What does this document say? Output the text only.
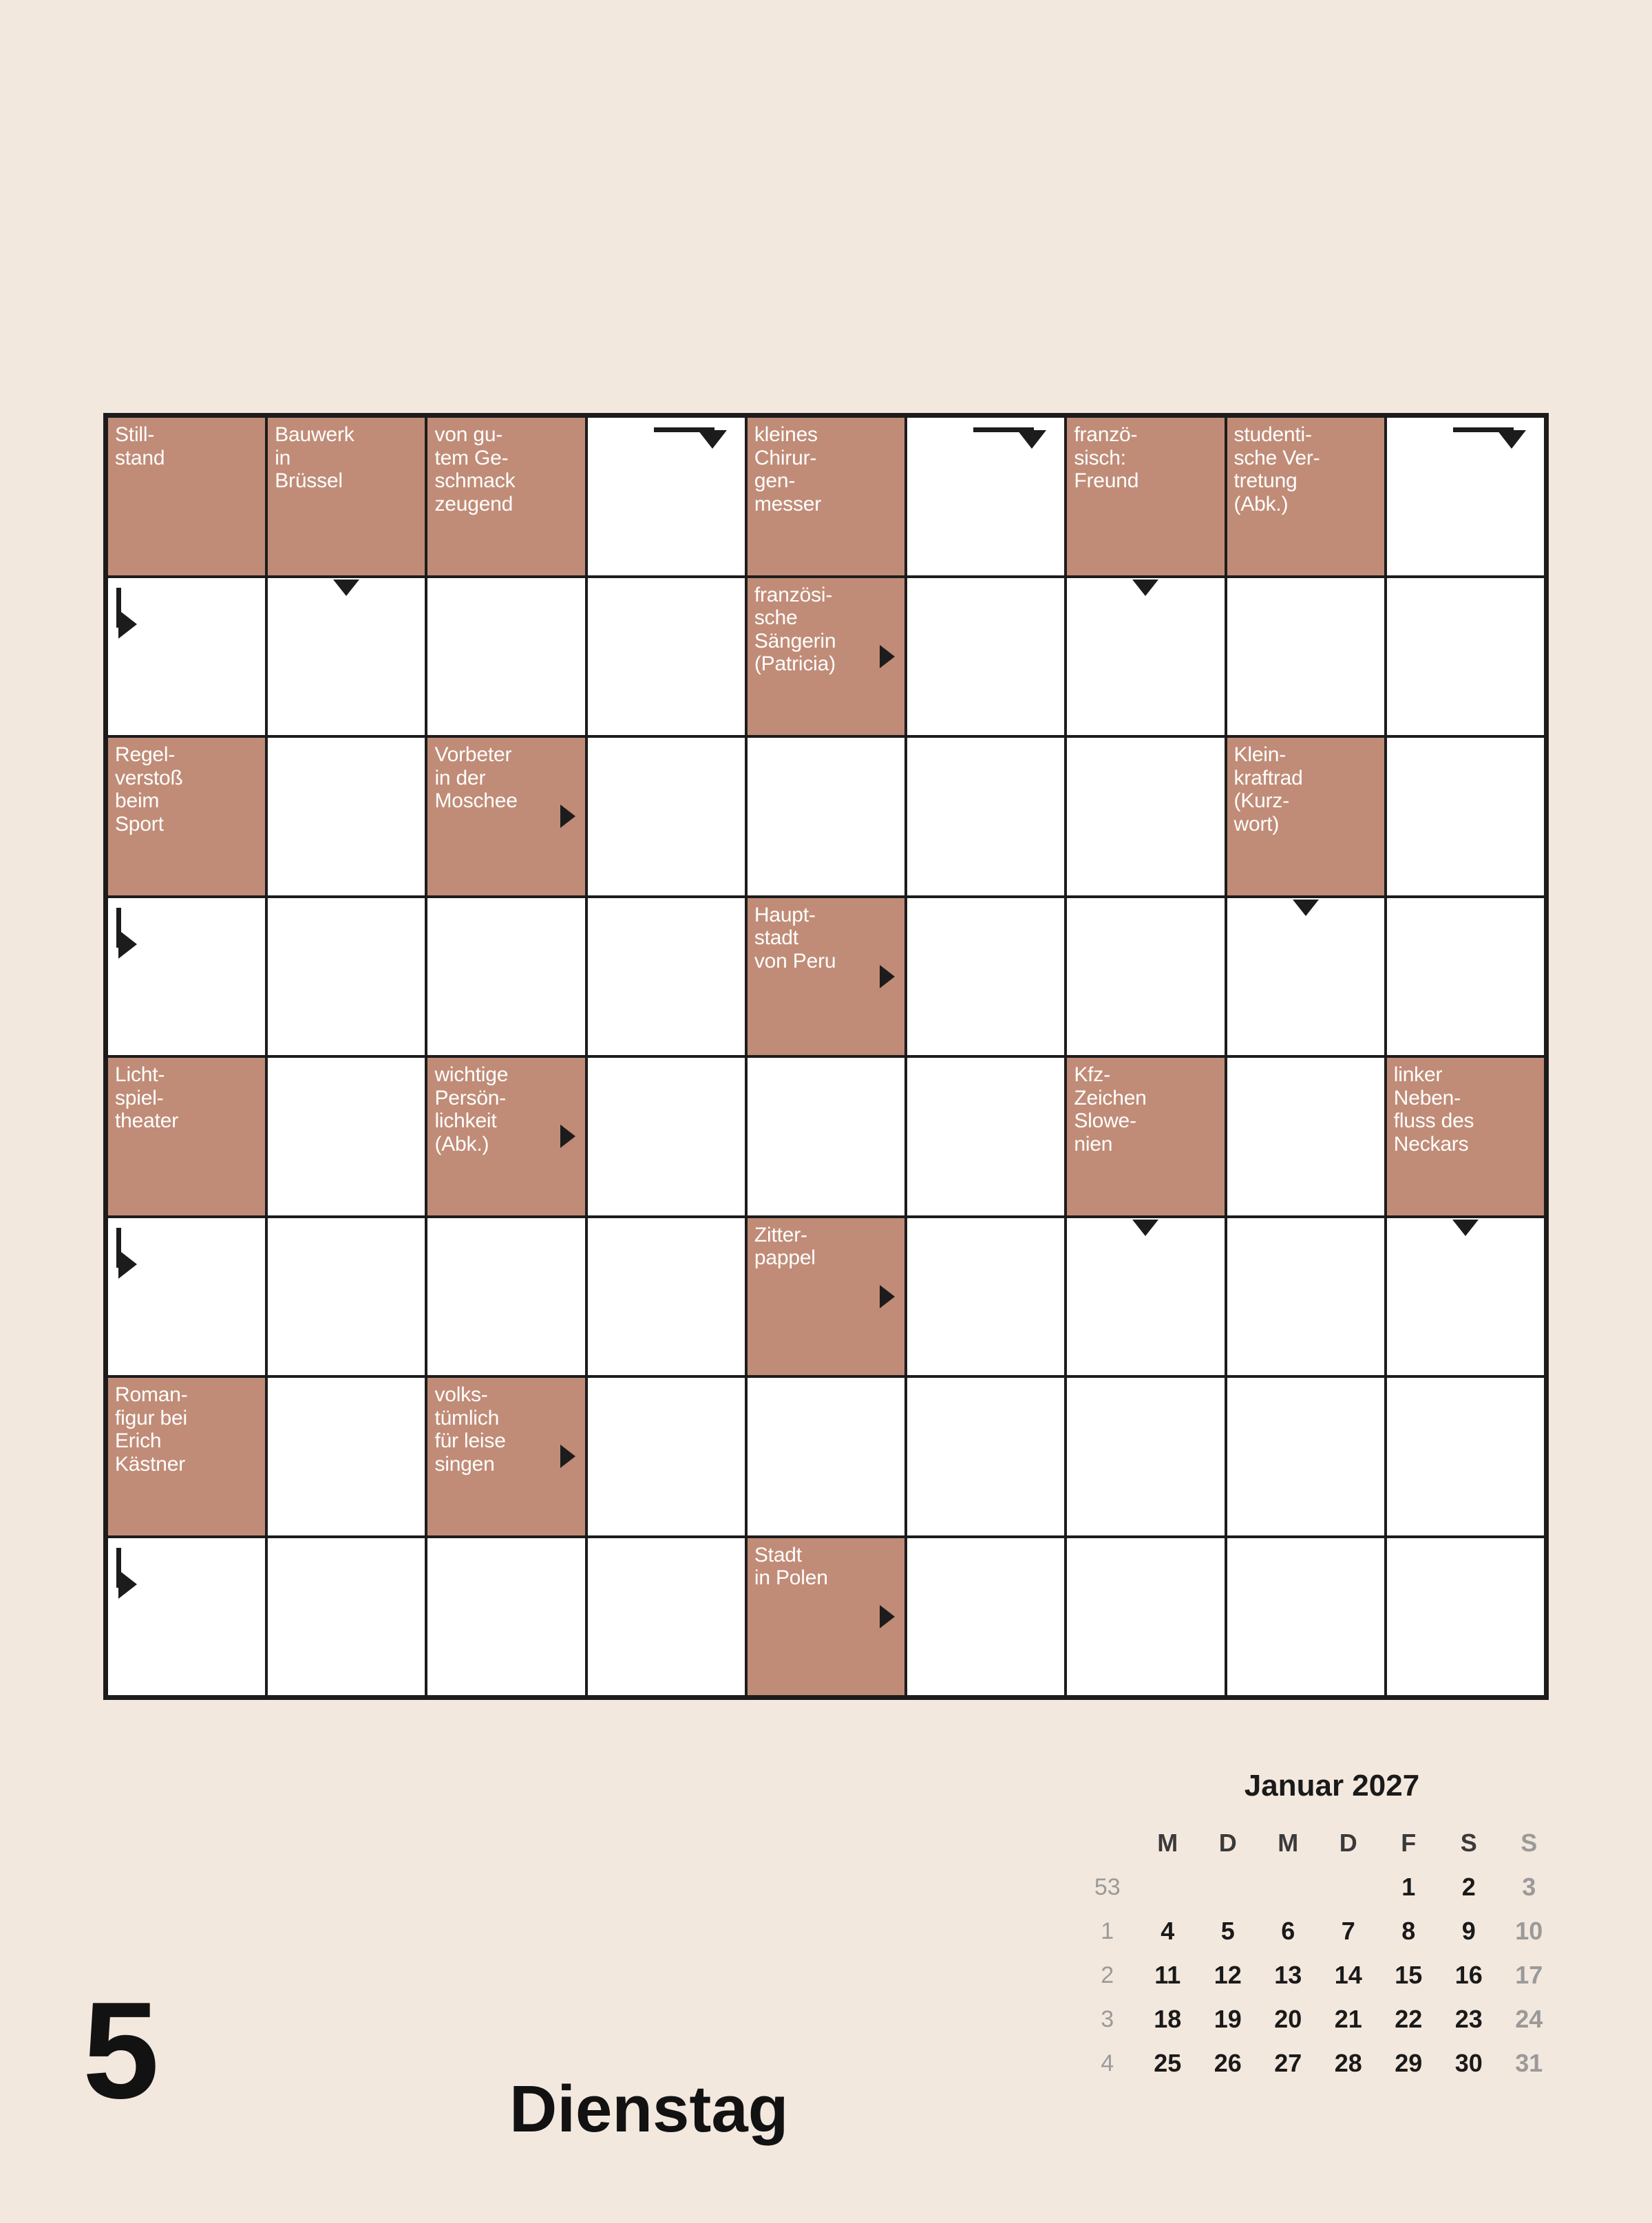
Still-
stand
Bauwerk
in
Brüssel
von gu-
tem Ge-
schmack
zeugend
kleines
Chirur-
gen-
messer
franzö-
sisch:
Freund
studenti-
sche Ver-
tretung
(Abk.)
französi-
sche
Sängerin
(Patricia)
Regel-
verstoß
beim
Sport
Vorbeter
in der
Moschee
Klein-
kraftrad
(Kurz-
wort)
Haupt-
stadt
von Peru
Licht-
spiel-
theater
wichtige
Persön-
lichkeit
(Abk.)
Kfz-
Zeichen
Slowe-
nien
linker
Neben-
fluss des
Neckars
Zitter-
pappel
Roman-
figur bei
Erich
Kästner
volks-
tümlich
für leise
singen
Stadt
in Polen
5	Dienstag
Januar 2027
	M	D	M	D	F	S	S
53					1	2	3
1	4	5	6	7	8	9	10
2	11	12	13	14	15	16	17
3	18	19	20	21	22	23	24
4	25	26	27	28	29	30	31
